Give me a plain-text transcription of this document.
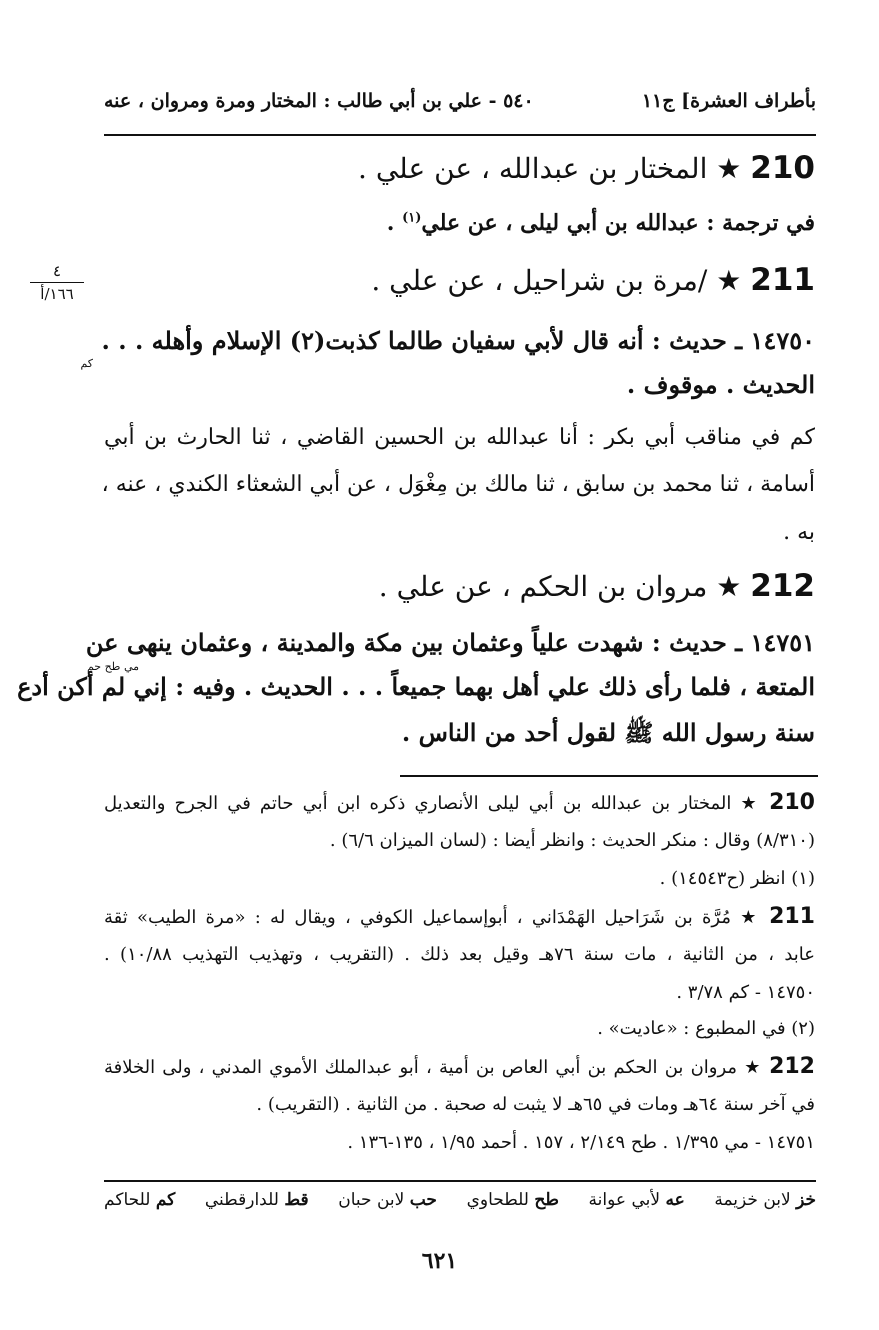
بأطراف العشرة] ج١١
٥٤٠ - علي بن أبي طالب : المختار ومرة ومروان ، عنه
٤
١٦٦/أ
210 ★ المختار بن عبدالله ، عن علي .
في ترجمة : عبدالله بن أبي ليلى ، عن علي$^{(١)}$ .
211 ★ /مرة بن شراحيل ، عن علي .
١٤٧٥٠ ـ حديث : أنه قال لأبي سفيان طالما كذبت(٢) الإسلام وأهله . . .
كم
الحديث . موقوف .
كم في مناقب أبي بكر : أنا عبدالله بن الحسين القاضي ، ثنا الحارث بن أبي
أسامة ، ثنا محمد بن سابق ، ثنا مالك بن مِغْوَل ، عن أبي الشعثاء الكندي ، عنه ،
به .
212 ★ مروان بن الحكم ، عن علي .
١٤٧٥١ ـ حديث : شهدت علياً وعثمان بين مكة والمدينة ، وعثمان ينهى عن
مي طح حم
المتعة ، فلما رأى ذلك علي أهل بهما جميعاً . . . الحديث . وفيه : إني لم أكن أدع
سنة رسول الله ﷺ لقول أحد من الناس .
210 ★ المختار بن عبدالله بن أبي ليلى الأنصاري ذكره ابن أبي حاتم في الجرح والتعديل
(٨/٣١٠) وقال : منكر الحديث : وانظر أيضا : (لسان الميزان ٦/٦) .
(١) انظر (ح١٤٥٤٣) .
211 ★ مُرَّة بن شَرَاحيل الهَمْدَاني ، أبوإسماعيل الكوفي ، ويقال له : «مرة الطيب» ثقة
عابد ، من الثانية ، مات سنة ٧٦هـ وقيل بعد ذلك . (التقريب ، وتهذيب التهذيب ١٠/٨٨) .
١٤٧٥٠ - كم ٣/٧٨ .
(٢) في المطبوع : «عاديت» .
212 ★ مروان بن الحكم بن أبي العاص بن أمية ، أبو عبدالملك الأموي المدني ، ولى الخلافة
في آخر سنة ٦٤هـ ومات في ٦٥هـ لا يثبت له صحبة . من الثانية . (التقريب) .
١٤٧٥١ - مي ١/٣٩٥ . طح ٢/١٤٩ ، ١٥٧ . أحمد ١/٩٥ ، ١٣٥-١٣٦ .
خز لابن خزيمة
عه لأبي عوانة
طح للطحاوي
حب لابن حبان
قط للدارقطني
كم للحاكم
٦٢١
